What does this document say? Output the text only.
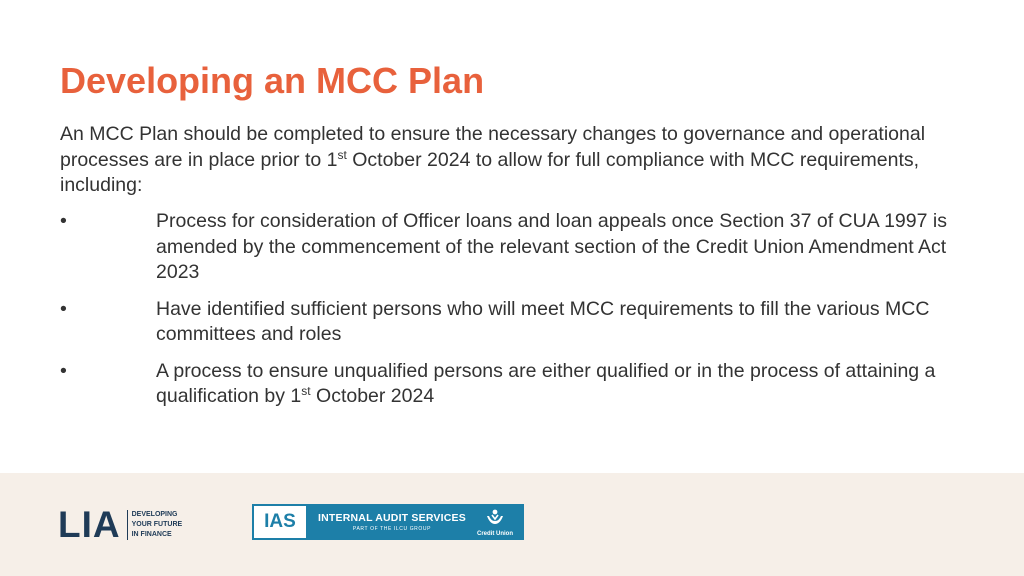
Developing an MCC Plan
An MCC Plan should be completed to ensure the necessary changes to governance and operational processes are in place prior to 1st October 2024 to allow for full compliance with MCC requirements, including:
•	Process for consideration of Officer loans and loan appeals once Section 37 of CUA 1997 is amended by the commencement of the relevant section of the Credit Union Amendment Act 2023
•	Have identified sufficient persons who will meet MCC requirements to fill the various MCC committees and roles
•	A process to ensure unqualified persons are either qualified or in the process of attaining a qualification by 1st October 2024
LIA DEVELOPING
YOUR FUTURE
IN FINANCE
IAS	INTERNAL AUDIT SERVICES
PART OF THE ILCU GROUP
Credit Union
